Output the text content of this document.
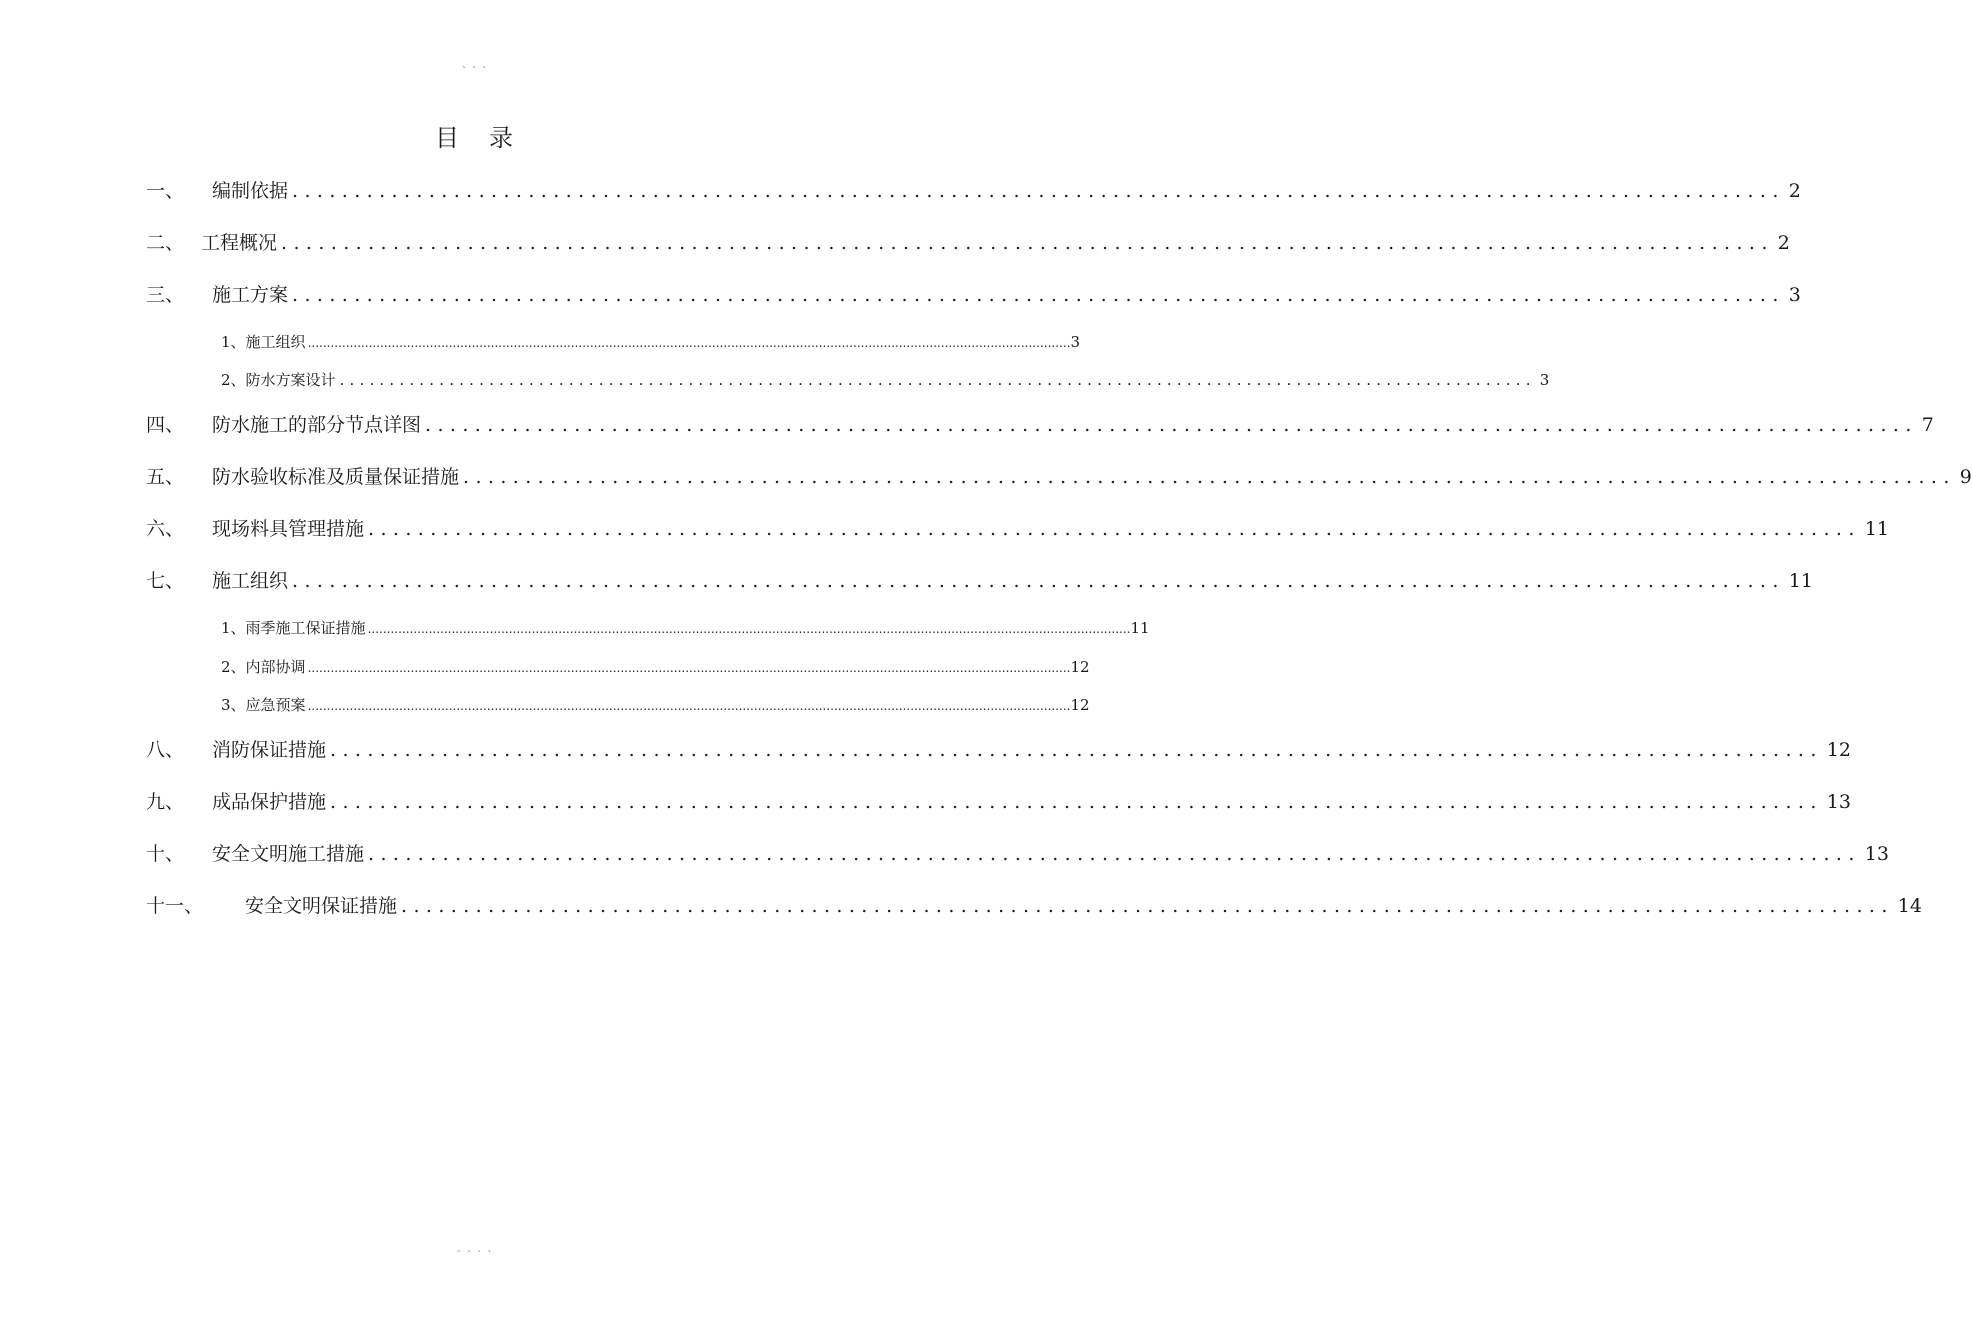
` ` `
目 录
一、	编制依据 ........................................................................................................................ 2
二、 工程概况 ........................................................................................................................ 2
三、	施工方案 ........................................................................................................................ 3
1、 施工组织 ........................................................................................................................................................................................................ 3
2、 防水方案设计 ........................................................................................................................ 3
四、	防水施工的部分节点详图 ........................................................................................................................ 7
五、	防水验收标准及质量保证措施 ........................................................................................................................ 9
六、	现场料具管理措施 ........................................................................................................................ 11
七、	施工组织 ........................................................................................................................ 11
1、 雨季施工保证措施 ........................................................................................................................................................................................................ 11
2、 内部协调 ........................................................................................................................................................................................................ 12
3、 应急预案 ........................................................................................................................................................................................................ 12
八、	消防保证措施 ........................................................................................................................ 12
九、	成品保护措施 ........................................................................................................................ 13
十、	安全文明施工措施 ........................................................................................................................ 13
十一、	安全文明保证措施 ........................................................................................................................ 14
` ` ` `
